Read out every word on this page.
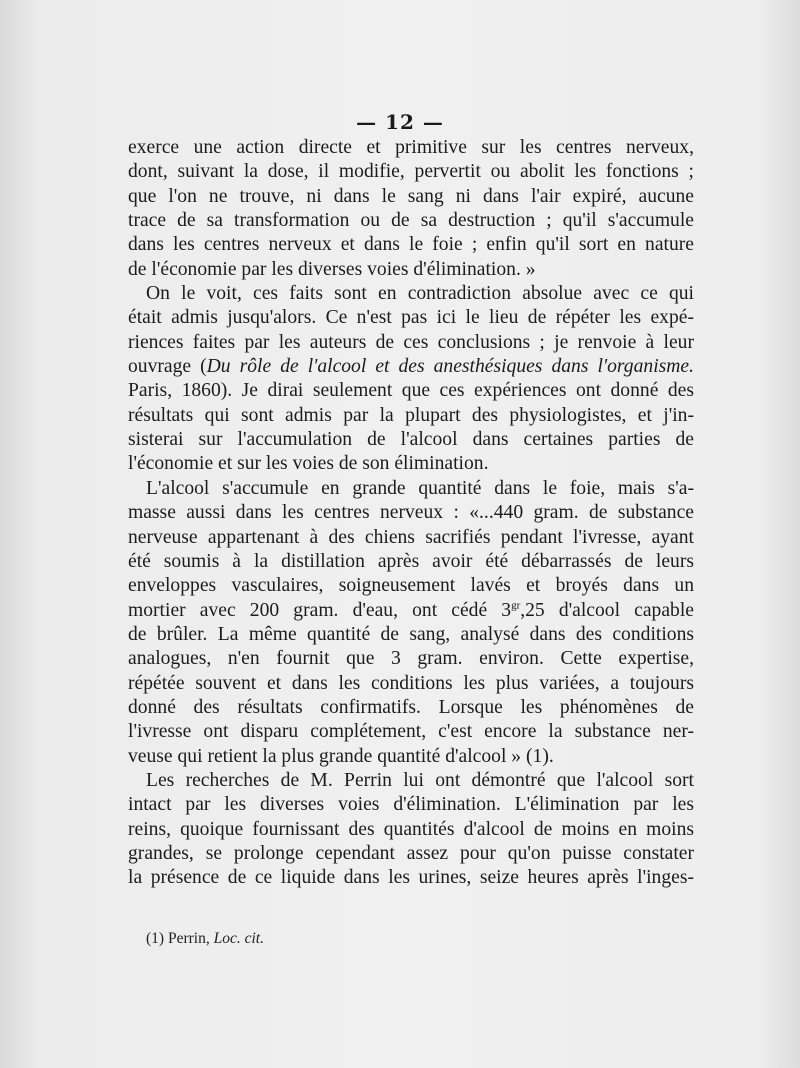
— 12 —
exerce une action directe et primitive sur les centres nerveux,
dont, suivant la dose, il modifie, pervertit ou abolit les fonctions ;
que l'on ne trouve, ni dans le sang ni dans l'air expiré, aucune
trace de sa transformation ou de sa destruction ; qu'il s'accumule
dans les centres nerveux et dans le foie ; enfin qu'il sort en nature
de l'économie par les diverses voies d'élimination. »
On le voit, ces faits sont en contradiction absolue avec ce qui
était admis jusqu'alors. Ce n'est pas ici le lieu de répéter les expé-
riences faites par les auteurs de ces conclusions ; je renvoie à leur
ouvrage (Du rôle de l'alcool et des anesthésiques dans l'organisme.
Paris, 1860). Je dirai seulement que ces expériences ont donné des
résultats qui sont admis par la plupart des physiologistes, et j'in-
sisterai sur l'accumulation de l'alcool dans certaines parties de
l'économie et sur les voies de son élimination.
L'alcool s'accumule en grande quantité dans le foie, mais s'a-
masse aussi dans les centres nerveux : «...440 gram. de substance
nerveuse appartenant à des chiens sacrifiés pendant l'ivresse, ayant
été soumis à la distillation après avoir été débarrassés de leurs
enveloppes vasculaires, soigneusement lavés et broyés dans un
mortier avec 200 gram. d'eau, ont cédé $3^{gr},25$ d'alcool capable
de brûler. La même quantité de sang, analysé dans des conditions
analogues, n'en fournit que 3 gram. environ. Cette expertise,
répétée souvent et dans les conditions les plus variées, a toujours
donné des résultats confirmatifs. Lorsque les phénomènes de
l'ivresse ont disparu complétement, c'est encore la substance ner-
veuse qui retient la plus grande quantité d'alcool » (1).
Les recherches de M. Perrin lui ont démontré que l'alcool sort
intact par les diverses voies d'élimination. L'élimination par les
reins, quoique fournissant des quantités d'alcool de moins en moins
grandes, se prolonge cependant assez pour qu'on puisse constater
la présence de ce liquide dans les urines, seize heures après l'inges-
(1) Perrin, Loc. cit.
